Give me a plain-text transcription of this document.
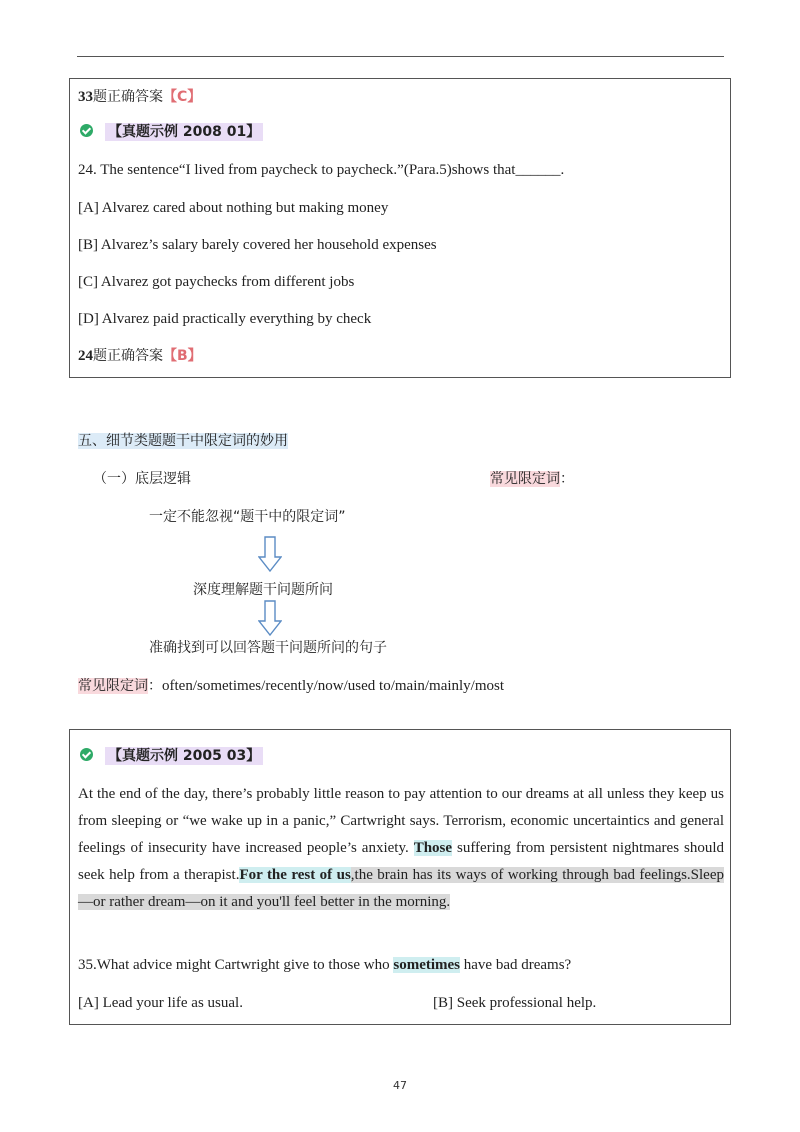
33题正确答案【C】
【真题示例 2008 01】
24. The sentence“I lived from paycheck to paycheck.”(Para.5)shows that______.
[A] Alvarez cared about nothing but making money
[B] Alvarez’s salary barely covered her household expenses
[C] Alvarez got paychecks from different jobs
[D] Alvarez paid practically everything by check
24题正确答案【B】
五、细节类题题干中限定词的妙用
（一）底层逻辑	常见限定词：
一定不能忽视“题干中的限定词”
深度理解题干问题所问
准确找到可以回答题干问题所问的句子
常见限定词：often/sometimes/recently/now/used to/main/mainly/most
【真题示例 2005 03】
At the end of the day, there’s probably little reason to pay attention to our dreams at all unless they keep us from sleeping or “we wake up in a panic,” Cartwright says. Terrorism, economic uncertaintics and general feelings of insecurity have increased people’s anxiety. Those suffering from persistent nightmares should seek help from a therapist.For the rest of us,the brain has its ways of working through bad feelings.Sleep—or rather dream—on it and you'll feel better in the morning.
35.What advice might Cartwright give to those who sometimes have bad dreams?
[A] Lead your life as usual.	[B] Seek professional help.
47
